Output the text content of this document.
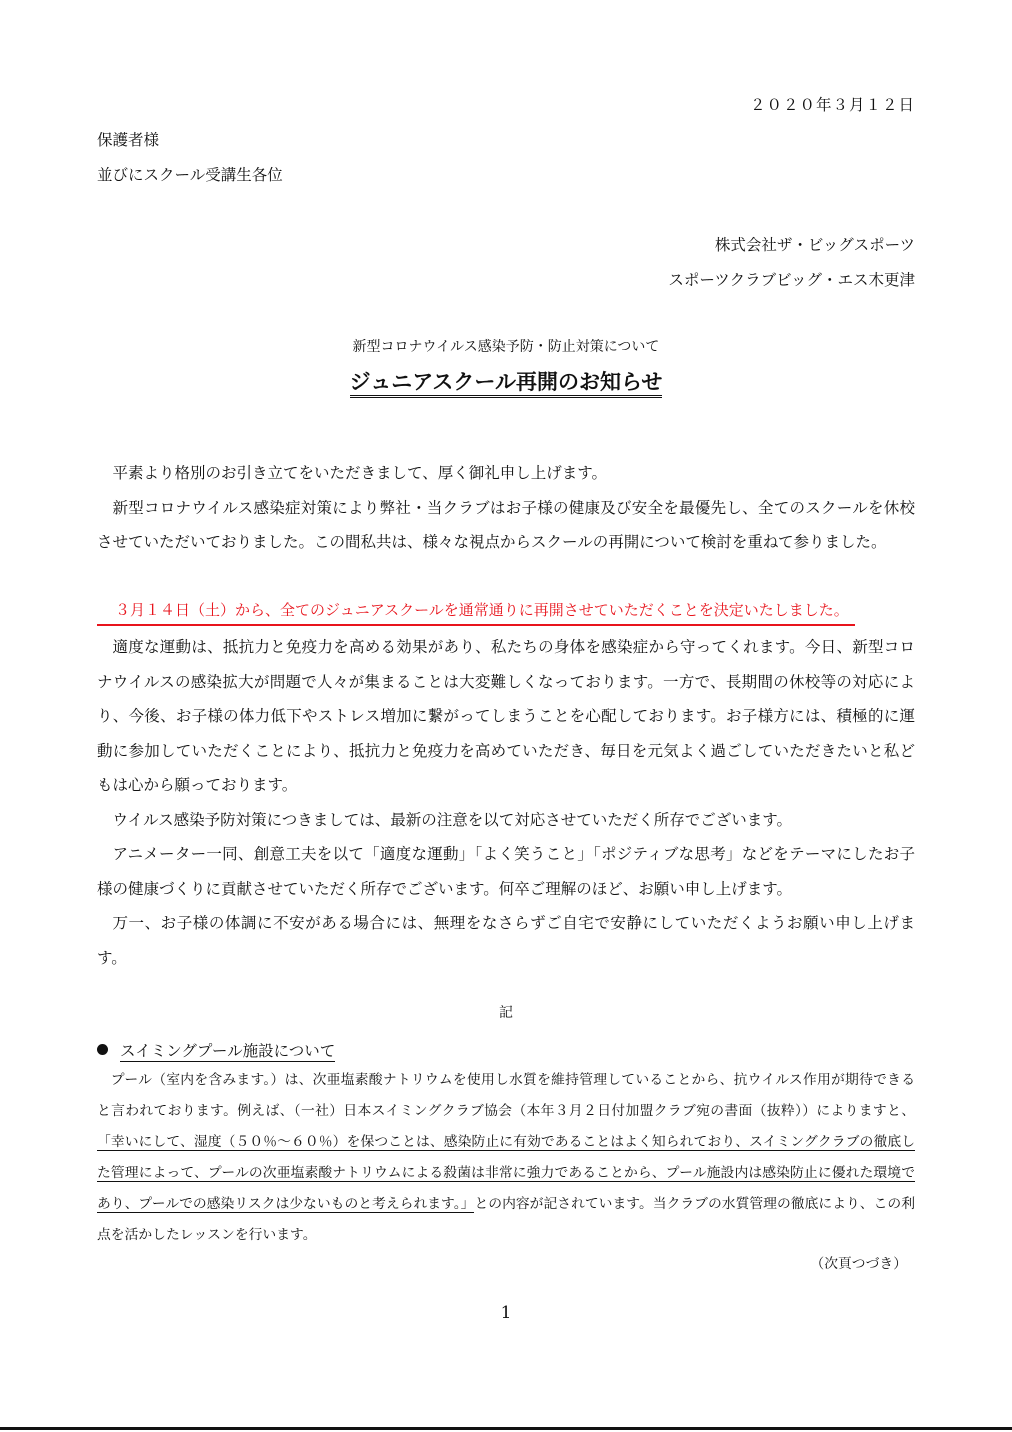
２０２０年３月１２日
保護者様
並びにスクール受講生各位
株式会社ザ・ビッグスポーツ
スポーツクラブビッグ・エス木更津
新型コロナウイルス感染予防・防止対策について
ジュニアスクール再開のお知らせ

平素より格別のお引き立てをいただきまして、厚く御礼申し上げます。

新型コロナウイルス感染症対策により弊社・当クラブはお子様の健康及び安全を最優先し、全てのスクールを休校させていただいておりました。この間私共は、様々な視点からスクールの再開について検討を重ねて参りました。

３月１４日（土）から、全てのジュニアスクールを通常通りに再開させていただくことを決定いたしました。

適度な運動は、抵抗力と免疫力を高める効果があり、私たちの身体を感染症から守ってくれます。今日、新型コロナウイルスの感染拡大が問題で人々が集まることは大変難しくなっております。一方で、長期間の休校等の対応により、今後、お子様の体力低下やストレス増加に繋がってしまうことを心配しております。お子様方には、積極的に運動に参加していただくことにより、抵抗力と免疫力を高めていただき、毎日を元気よく過ごしていただきたいと私どもは心から願っております。

ウイルス感染予防対策につきましては、最新の注意を以て対応させていただく所存でございます。

アニメーター一同、創意工夫を以て「適度な運動」「よく笑うこと」「ポジティブな思考」などをテーマにしたお子様の健康づくりに貢献させていただく所存でございます。何卒ご理解のほど、お願い申し上げます。

万一、お子様の体調に不安がある場合には、無理をなさらずご自宅で安静にしていただくようお願い申し上げます。

記
スイミングプール施設について

プール（室内を含みます。）は、次亜塩素酸ナトリウムを使用し水質を維持管理していることから、抗ウイルス作用が期待できると言われております。例えば、（一社）日本スイミングクラブ協会（本年３月２日付加盟クラブ宛の書面（抜粋））によりますと、「幸いにして、湿度（５０％～６０％）を保つことは、感染防止に有効であることはよく知られており、スイミングクラブの徹底した管理によって、プールの次亜塩素酸ナトリウムによる殺菌は非常に強力であることから、プール施設内は感染防止に優れた環境であり、プールでの感染リスクは少ないものと考えられます。」との内容が記されています。当クラブの水質管理の徹底により、この利点を活かしたレッスンを行います。

（次頁つづき）
1
